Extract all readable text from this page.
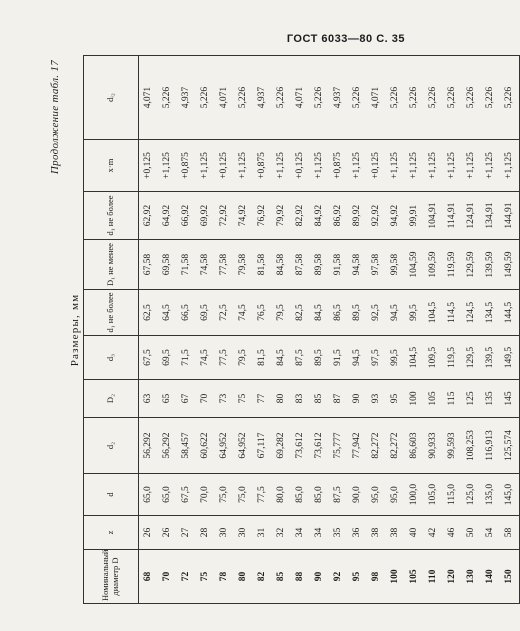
ГОСТ 6033—80 С. 35
Продолжение табл. 17
Размеры, мм
Номинальный диаметр D	z	d	d₂	D₂	d₃	d₁ не более	D₁ не менее	d₁ не более	x·m	dᵢ₂
68	26	65,0	56,292	63	67,5	62,5	67,58	62,92	+0,125	4,071
70	26	65,0	56,292	65	69,5	64,5	69,58	64,92	+1,125	5,226
72	27	67,5	58,457	67	71,5	66,5	71,58	66,92	+0,875	4,937
75	28	70,0	60,622	70	74,5	69,5	74,58	69,92	+1,125	5,226
78	30	75,0	64,952	73	77,5	72,5	77,58	72,92	+0,125	4,071
80	30	75,0	64,952	75	79,5	74,5	79,58	74,92	+1,125	5,226
82	31	77,5	67,117	77	81,5	76,5	81,58	76,92	+0,875	4,937
85	32	80,0	69,282	80	84,5	79,5	84,58	79,92	+1,125	5,226
88	34	85,0	73,612	83	87,5	82,5	87,58	82,92	+0,125	4,071
90	34	85,0	73,612	85	89,5	84,5	89,58	84,92	+1,125	5,226
92	35	87,5	75,777	87	91,5	86,5	91,58	86,92	+0,875	4,937
95	36	90,0	77,942	90	94,5	89,5	94,58	89,92	+1,125	5,226
98	38	95,0	82,272	93	97,5	92,5	97,58	92,92	+0,125	4,071
100	38	95,0	82,272	95	99,5	94,5	99,58	94,92	+1,125	5,226
105	40	100,0	86,603	100	104,5	99,5	104,59	99,91	+1,125	5,226
110	42	105,0	90,933	105	109,5	104,5	109,59	104,91	+1,125	5,226
120	46	115,0	99,593	115	119,5	114,5	119,59	114,91	+1,125	5,226
130	50	125,0	108,253	125	129,5	124,5	129,59	124,91	+1,125	5,226
140	54	135,0	116,913	135	139,5	134,5	139,59	134,91	+1,125	5,226
150	58	145,0	125,574	145	149,5	144,5	149,59	144,91	+1,125	5,226
